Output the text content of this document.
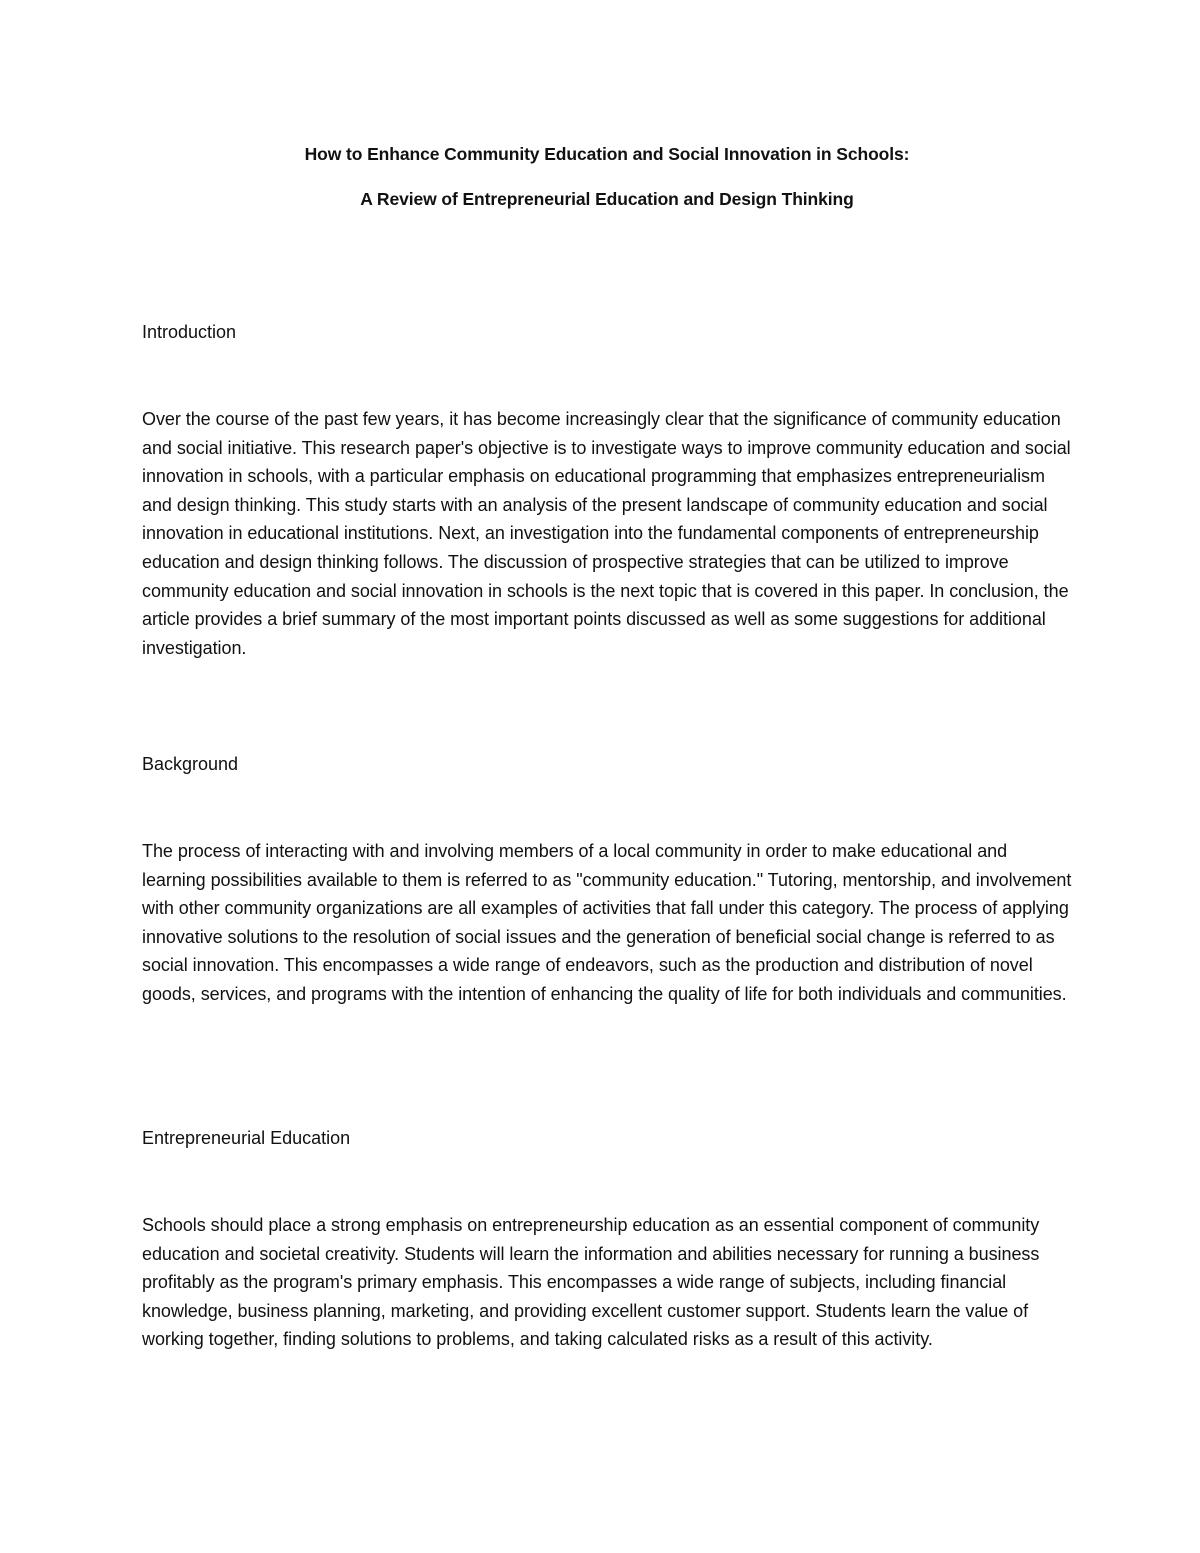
How to Enhance Community Education and Social Innovation in Schools:

A Review of Entrepreneurial Education and Design Thinking

Introduction

Over the course of the past few years, it has become increasingly clear that the significance of community education and social initiative. This research paper's objective is to investigate ways to improve community education and social innovation in schools, with a particular emphasis on educational programming that emphasizes entrepreneurialism and design thinking. This study starts with an analysis of the present landscape of community education and social innovation in educational institutions. Next, an investigation into the fundamental components of entrepreneurship education and design thinking follows. The discussion of prospective strategies that can be utilized to improve community education and social innovation in schools is the next topic that is covered in this paper. In conclusion, the article provides a brief summary of the most important points discussed as well as some suggestions for additional investigation.

Background

The process of interacting with and involving members of a local community in order to make educational and learning possibilities available to them is referred to as "community education." Tutoring, mentorship, and involvement with other community organizations are all examples of activities that fall under this category. The process of applying innovative solutions to the resolution of social issues and the generation of beneficial social change is referred to as social innovation. This encompasses a wide range of endeavors, such as the production and distribution of novel goods, services, and programs with the intention of enhancing the quality of life for both individuals and communities.

Entrepreneurial Education

Schools should place a strong emphasis on entrepreneurship education as an essential component of community education and societal creativity. Students will learn the information and abilities necessary for running a business profitably as the program's primary emphasis. This encompasses a wide range of subjects, including financial knowledge, business planning, marketing, and providing excellent customer support. Students learn the value of working together, finding solutions to problems, and taking calculated risks as a result of this activity.
